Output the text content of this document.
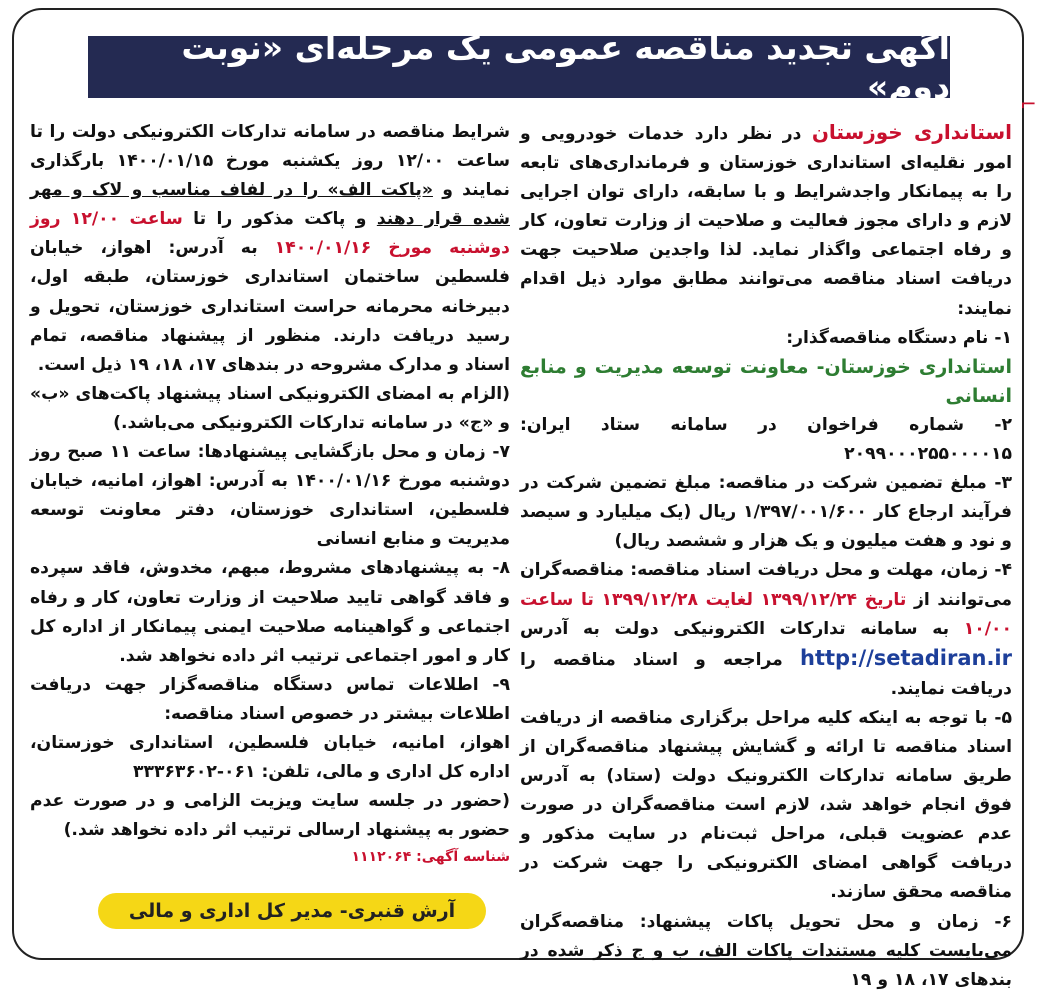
⌐
آگهی تجدید مناقصه عمومی یک مرحله‌ای «نوبت دوم»

استانداری خوزستان در نظر دارد خدمات خودرویی و امور نقلیه‌ای استانداری خوزستان و فرمانداری‌های تابعه را به پیمانکار واجدشرایط و با سابقه، دارای توان اجرایی لازم و دارای مجوز فعالیت و صلاحیت از وزارت تعاون، کار و رفاه اجتماعی واگذار نماید. لذا واجدین صلاحیت جهت دریافت اسناد مناقصه می‌توانند مطابق موارد ذیل اقدام نمایند:

۱- نام دستگاه مناقصه‌گذار:

استانداری خوزستان- معاونت توسعه مدیریت و منابع انسانی

۲- شماره فراخوان در سامانه ستاد ایران: ۲۰۹۹۰۰۰۲۵۵۰۰۰۰۱۵

۳- مبلغ تضمین شرکت در مناقصه: مبلغ تضمین شرکت در فرآیند ارجاع کار ۱/۳۹۷/۰۰۱/۶۰۰ ریال (یک میلیارد و سیصد و نود و هفت میلیون و یک هزار و ششصد ریال)

۴- زمان، مهلت و محل دریافت اسناد مناقصه: مناقصه‌گران می‌توانند از تاریخ ۱۳۹۹/۱۲/۲۴ لغایت ۱۳۹۹/۱۲/۲۸ تا ساعت ۱۰/۰۰ به سامانه تدارکات الکترونیکی دولت به آدرس http://setadiran.ir مراجعه و اسناد مناقصه را دریافت نمایند.

۵- با توجه به اینکه کلیه مراحل برگزاری مناقصه از دریافت اسناد مناقصه تا ارائه و گشایش پیشنهاد مناقصه‌گران از طریق سامانه تدارکات الکترونیک دولت (ستاد) به آدرس فوق انجام خواهد شد، لازم است مناقصه‌گران در صورت عدم عضویت قبلی، مراحل ثبت‌نام در سایت مذکور و دریافت گواهی امضای الکترونیکی را جهت شرکت در مناقصه محقق سازند.

۶- زمان و محل تحویل پاکات پیشنهاد: مناقصه‌گران می‌بایست کلیه مستندات پاکات الف، ب و ج ذکر شده در بندهای ۱۷، ۱۸ و ۱۹

شرایط مناقصه در سامانه تدارکات الکترونیکی دولت را تا ساعت ۱۲/۰۰ روز یکشنبه مورخ ۱۴۰۰/۰۱/۱۵ بارگذاری نمایند و «پاکت الف» را در لفاف مناسب و لاک و مهر شده قرار دهند و پاکت مذکور را تا ساعت ۱۲/۰۰ روز دوشنبه مورخ ۱۴۰۰/۰۱/۱۶ به آدرس: اهواز، خیابان فلسطین ساختمان استانداری خوزستان، طبقه اول، دبیرخانه محرمانه حراست استانداری خوزستان، تحویل و رسید دریافت دارند. منظور از پیشنهاد مناقصه، تمام اسناد و مدارک مشروحه در بندهای ۱۷، ۱۸، ۱۹ ذیل است.

(الزام به امضای الکترونیکی اسناد پیشنهاد پاکت‌های «ب» و «ج» در سامانه تدارکات الکترونیکی می‌باشد.)

۷- زمان و محل بازگشایی پیشنهادها: ساعت ۱۱ صبح روز دوشنبه مورخ ۱۴۰۰/۰۱/۱۶ به آدرس: اهواز، امانیه، خیابان فلسطین، استانداری خوزستان، دفتر معاونت توسعه مدیریت و منابع انسانی

۸- به پیشنهادهای مشروط، مبهم، مخدوش، فاقد سپرده و فاقد گواهی تایید صلاحیت از وزارت تعاون، کار و رفاه اجتماعی و گواهینامه صلاحیت ایمنی پیمانکار از اداره کل کار و امور اجتماعی ترتیب اثر داده نخواهد شد.

۹- اطلاعات تماس دستگاه مناقصه‌گزار جهت دریافت اطلاعات بیشتر در خصوص اسناد مناقصه:

اهواز، امانیه، خیابان فلسطین، استانداری خوزستان، اداره کل اداری و مالی، تلفن: ۰۶۱-۳۳۳۶۳۶۰۲

(حضور در جلسه سایت ویزیت الزامی و در صورت عدم حضور به پیشنهاد ارسالی ترتیب اثر داده نخواهد شد.)

شناسه آگهی: ۱۱۱۲۰۶۴

آرش قنبری- مدیر کل اداری و مالی
